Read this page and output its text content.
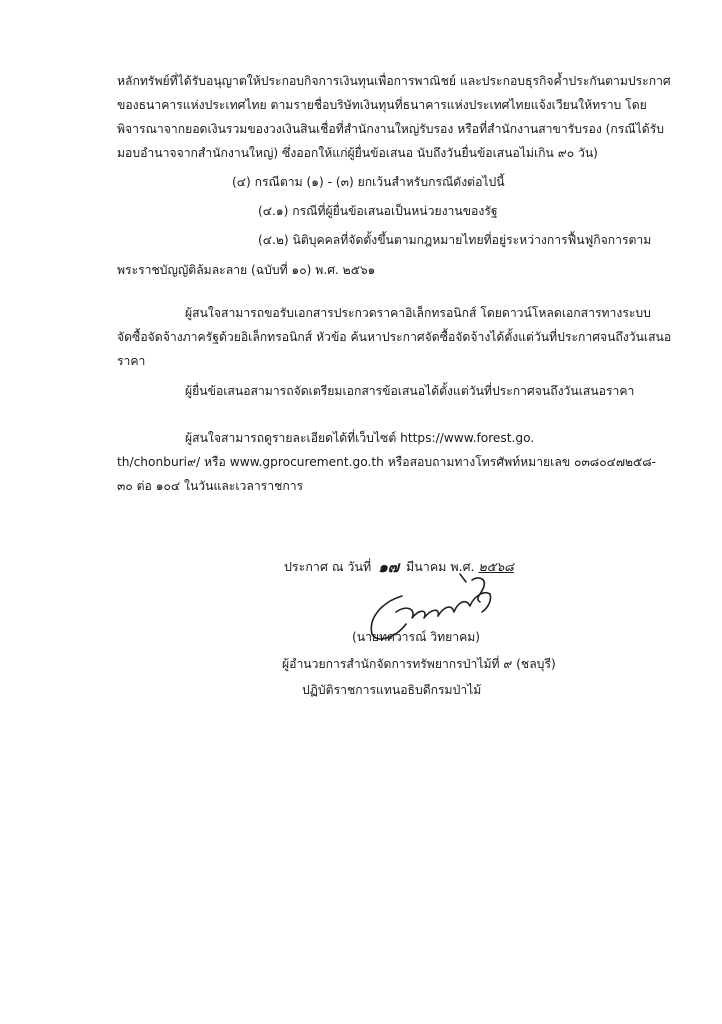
หลักทรัพย์ที่ได้รับอนุญาตให้ประกอบกิจการเงินทุนเพื่อการพาณิชย์ และประกอบธุรกิจค้ำประกันตามประกาศ
ของธนาคารแห่งประเทศไทย ตามรายชื่อบริษัทเงินทุนที่ธนาคารแห่งประเทศไทยแจ้งเวียนให้ทราบ โดย
พิจารณาจากยอดเงินรวมของวงเงินสินเชื่อที่สำนักงานใหญ่รับรอง หรือที่สำนักงานสาขารับรอง (กรณีได้รับ
มอบอำนาจจากสำนักงานใหญ่) ซึ่งออกให้แก่ผู้ยื่นข้อเสนอ นับถึงวันยื่นข้อเสนอไม่เกิน ๙๐ วัน)
(๔) กรณีตาม (๑) - (๓) ยกเว้นสำหรับกรณีดังต่อไปนี้
(๔.๑) กรณีที่ผู้ยื่นข้อเสนอเป็นหน่วยงานของรัฐ
(๔.๒) นิติบุคคลที่จัดตั้งขึ้นตามกฎหมายไทยที่อยู่ระหว่างการฟื้นฟูกิจการตาม
พระราชบัญญัติล้มละลาย (ฉบับที่ ๑๐) พ.ศ. ๒๕๖๑
ผู้สนใจสามารถขอรับเอกสารประกวดราคาอิเล็กทรอนิกส์ โดยดาวน์โหลดเอกสารทางระบบ
จัดซื้อจัดจ้างภาครัฐด้วยอิเล็กทรอนิกส์ หัวข้อ ค้นหาประกาศจัดซื้อจัดจ้างได้ตั้งแต่วันที่ประกาศจนถึงวันเสนอ
ราคา
ผู้ยื่นข้อเสนอสามารถจัดเตรียมเอกสารข้อเสนอได้ตั้งแต่วันที่ประกาศจนถึงวันเสนอราคา
ผู้สนใจสามารถดูรายละเอียดได้ที่เว็บไซต์ https://www.forest.go.
th/chonburi๙/ หรือ www.gprocurement.go.th หรือสอบถามทางโทรศัพท์หมายเลข ๐๓๘๐๔๗๒๕๘-
๓๐ ต่อ ๑๐๔ ในวันและเวลาราชการ
ประกาศ ณ วันที่ ๑๗ มีนาคม พ.ศ. ๒๕๖๘
(นายทศวารณ์ วิทยาคม)
ผู้อำนวยการสำนักจัดการทรัพยากรป่าไม้ที่ ๙ (ชลบุรี)
ปฏิบัติราชการแทนอธิบดีกรมป่าไม้
